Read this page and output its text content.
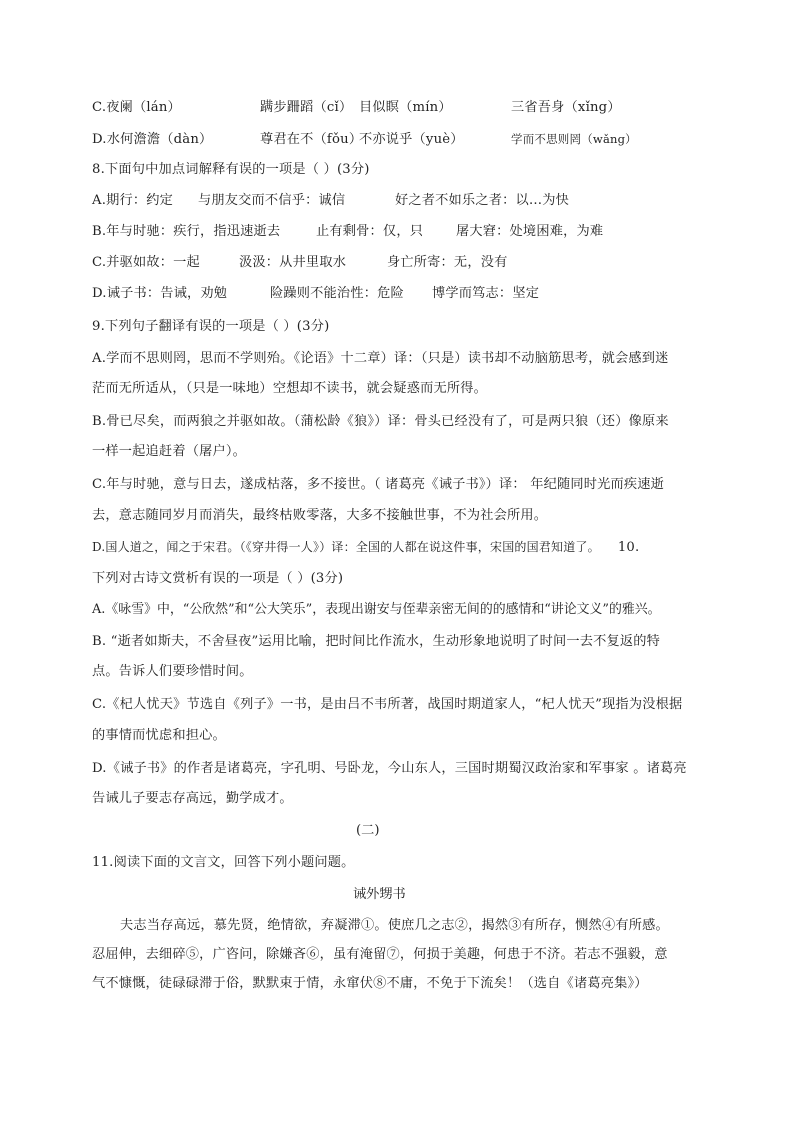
C.夜阑（lán）	蹒步跚蹈（cǐ） 目似瞑（mín）	三省吾身（xǐng）
D.水何澹澹（dàn）	尊君在不（fǒu）不亦说乎（yuè）	学而不思则罔（wǎng）
8.下面句中加点词解释有误的一项是（ ）(3分)
A.期行：约定 与朋友交而不信乎：诚信	好之者不如乐之者：以…为快
B.年与时驰：疾行，指迅速逝去	止有剩骨：仅，只 屠大窘：处境困难，为难
C.并驱如故：一起	汲汲：从井里取水	身亡所寄：无，没有
D.诫子书：告诫，劝勉	险躁则不能治性：危险 博学而笃志：坚定
9.下列句子翻译有误的一项是（ ）(3分)
A.学而不思则罔，思而不学则殆。《论语》十二章）译：（只是）读书却不动脑筋思考，就会感到迷
茫而无所适从，（只是一味地）空想却不读书，就会疑惑而无所得。
B.骨已尽矣，而两狼之并驱如故。（蒲松龄《狼》）译：骨头已经没有了，可是两只狼（还）像原来
一样一起追赶着（屠户）。
C.年与时驰，意与日去，遂成枯落，多不接世。（ 诸葛亮《诫子书》）译： 年纪随同时光而疾速逝
去，意志随同岁月而消失，最终枯败零落，大多不接触世事，不为社会所用。
D.国人道之，闻之于宋君。（《穿井得一人》）译：全国的人都在说这件事，宋国的国君知道了。 10.
下列对古诗文赏析有误的一项是（ ）(3分)
A.《咏雪》中，“公欣然”和“公大笑乐”，表现出谢安与侄辈亲密无间的的感情和“讲论文义”的雅兴。
B. “逝者如斯夫，不舍昼夜”运用比喻，把时间比作流水，生动形象地说明了时间一去不复返的特
点。告诉人们要珍惜时间。
C.《杞人忧天》节选自《列子》一书，是由吕不韦所著，战国时期道家人，“杞人忧天”现指为没根据
的事情而忧虑和担心。
D.《诫子书》的作者是诸葛亮，字孔明、号卧龙，今山东人，三国时期蜀汉政治家和军事家 。诸葛亮
告诫儿子要志存高远，勤学成才。
(二)
11.阅读下面的文言文，回答下列小题问题。
诫外甥书
夫志当存高远，慕先贤，绝情欲，弃凝滞①。使庶几之志②，揭然③有所存，恻然④有所感。
忍屈伸，去细碎⑤，广咨问，除嫌吝⑥，虽有淹留⑦，何损于美趣，何患于不济。若志不强毅，意
气不慷慨，徒碌碌滞于俗，默默束于情，永窜伏⑧不庸，不免于下流矣！（选自《诸葛亮集》）
